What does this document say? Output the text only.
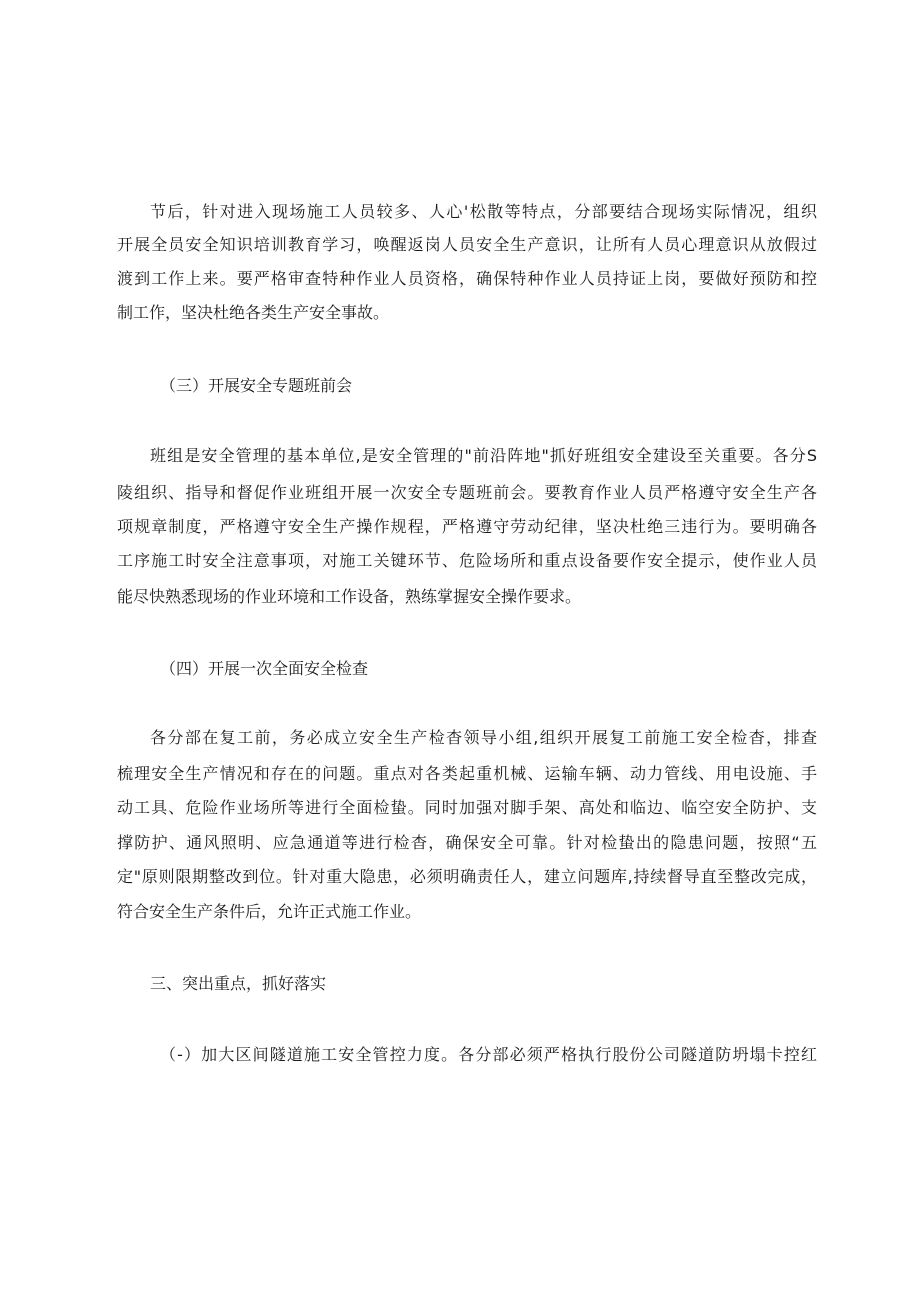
节后，针对进入现场施工人员较多、人心'松散等特点，分部要结合现场实际情况，组织
开展全员安全知识培训教育学习，唤醒返岗人员安全生产意识，让所有人员心理意识从放假过
渡到工作上来。要严格审查特种作业人员资格，确保特种作业人员持证上岗，要做好预防和控
制工作，坚决杜绝各类生产安全事故。
（三）开展安全专题班前会
班组是安全管理的基本单位,是安全管理的"前沿阵地"抓好班组安全建设至关重要。各分S
陵组织、指导和督促作业班组开展一次安全专题班前会。要教育作业人员严格遵守安全生产各
项规章制度，严格遵守安全生产操作规程，严格遵守劳动纪律，坚决杜绝三违行为。要明确各
工序施工时安全注意事项，对施工关键环节、危险场所和重点设备要作安全提示，使作业人员
能尽快熟悉现场的作业环境和工作设备，熟练掌握安全操作要求。
（四）开展一次全面安全检查
各分部在复工前，务必成立安全生产检杳领导小组,组织开展复工前施工安全检杳，排查
梳理安全生产情况和存在的问题。重点对各类起重机械、运输车辆、动力管线、用电设施、手
动工具、危险作业场所等进行全面检蛰。同时加强对脚手架、高处和临边、临空安全防护、支
撑防护、通风照明、应急通道等进行检杳，确保安全可靠。针对检蛰出的隐患问题，按照“五
定"原则限期整改到位。针对重大隐患，必须明确责任人，建立问题库,持续督导直至整改完成，
符合安全生产条件后，允许正式施工作业。
三、突出重点，抓好落实
（-）加大区间隧道施工安全管控力度。各分部必须严格执行股份公司隧道防坍塌卡控红
